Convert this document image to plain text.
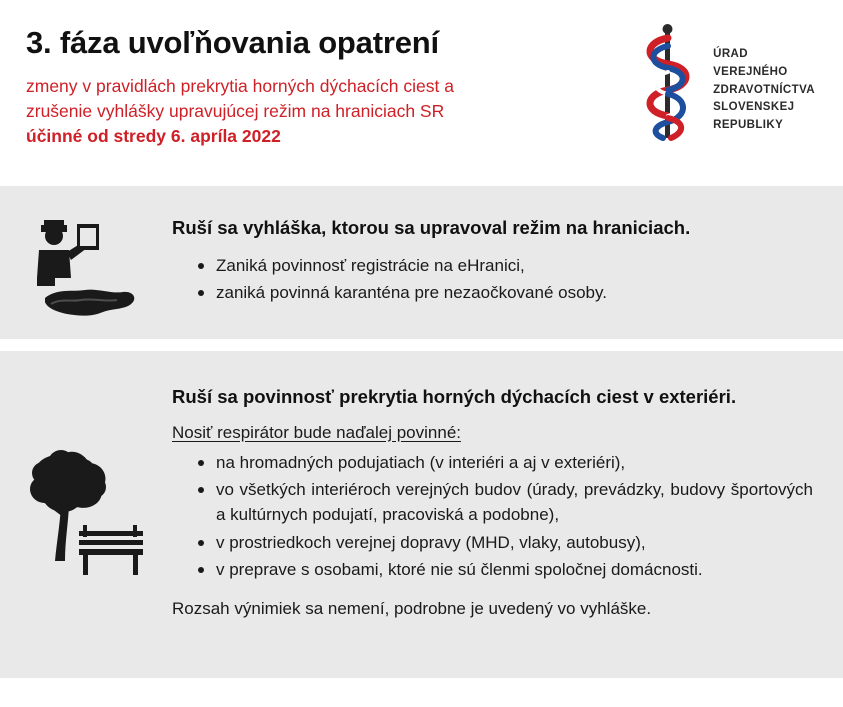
3. fáza uvoľňovania opatrení
zmeny v pravidlách prekrytia horných dýchacích ciest a
zrušenie vyhlášky upravujúcej režim na hraniciach SR
účinné od stredy 6. apríla 2022
ÚRAD
VEREJNÉHO
ZDRAVOTNÍCTVA
SLOVENSKEJ
REPUBLIKY

Ruší sa vyhláška, ktorou sa upravoval režim na hraniciach.

Zaniká povinnosť registrácie na eHranici,
zaniká povinná karanténa pre nezaočkované osoby.

Ruší sa povinnosť prekrytia horných dýchacích ciest v exteriéri.

Nosiť respirátor bude naďalej povinné:

na hromadných podujatiach (v interiéri a aj v exteriéri),
vo všetkých interiéroch verejných budov (úrady, prevádzky, budovy športových a kultúrnych podujatí, pracoviská a podobne),
v prostriedkoch verejnej dopravy (MHD, vlaky, autobusy),
v preprave s osobami, ktoré nie sú členmi spoločnej domácnosti.

Rozsah výnimiek sa nemení, podrobne je uvedený vo vyhláške.
